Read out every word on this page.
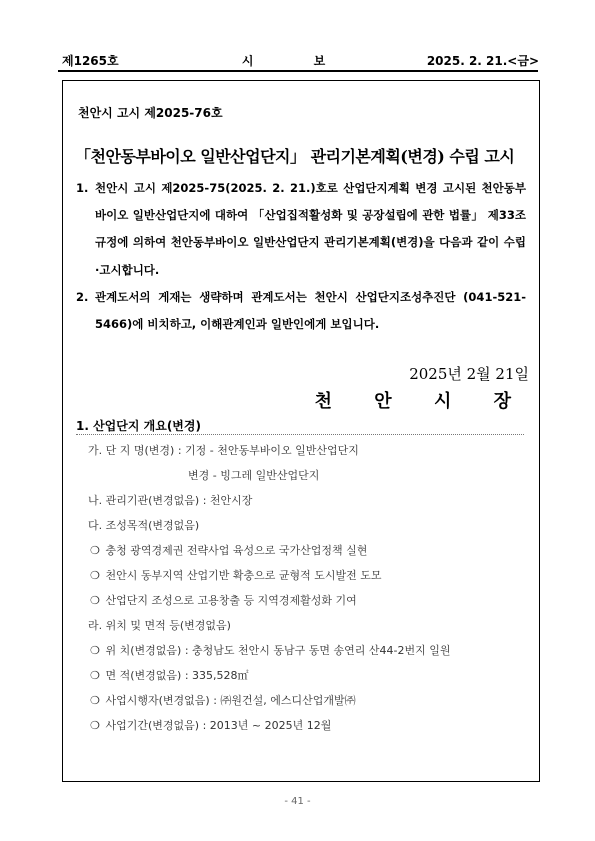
제1265호	시 보	2025. 2. 21.<금>
천안시 고시 제2025-76호
「천안동부바이오 일반산업단지」 관리기본계획(변경) 수립 고시
1. 천안시 고시 제2025-75(2025. 2. 21.)호로 산업단지계획 변경 고시된 천안동부바이오 일반산업단지에 대하여 「산업집적활성화 및 공장설립에 관한 법률」 제33조 규정에 의하여 천안동부바이오 일반산업단지 관리기본계획(변경)을 다음과 같이 수립·고시합니다.
2. 관계도서의 게재는 생략하며 관계도서는 천안시 산업단지조성추진단 (041-521-5466)에 비치하고, 이해관계인과 일반인에게 보입니다.
2025년 2월 21일
천 안 시 장
1. 산업단지 개요(변경)
가. 단 지 명(변경) : 기정 - 천안동부바이오 일반산업단지
변경 - 빙그레 일반산업단지
나. 관리기관(변경없음) : 천안시장
다. 조성목적(변경없음)
❍ 충청 광역경제권 전략사업 육성으로 국가산업정책 실현
❍ 천안시 동부지역 산업기반 확충으로 균형적 도시발전 도모
❍ 산업단지 조성으로 고용창출 등 지역경제활성화 기여
라. 위치 및 면적 등(변경없음)
❍ 위 치(변경없음) : 충청남도 천안시 동남구 동면 송연리 산44-2번지 일원
❍ 면 적(변경없음) : 335,528㎡
❍ 사업시행자(변경없음) : ㈜원건설, 에스디산업개발㈜
❍ 사업기간(변경없음) : 2013년 ~ 2025년 12월
- 41 -
